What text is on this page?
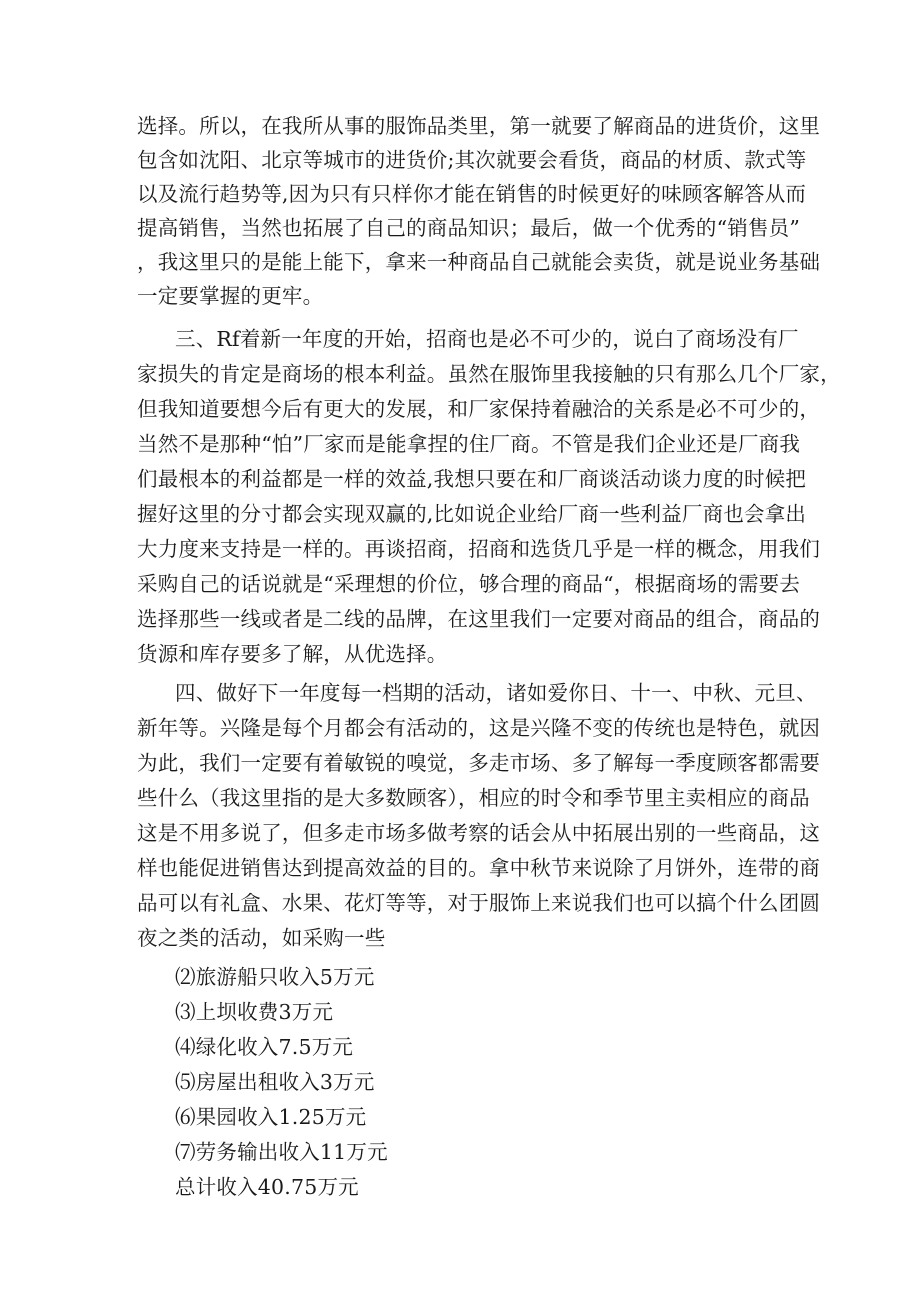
选择。所以，在我所从事的服饰品类里，第一就要了解商品的进货价，这里
包含如沈阳、北京等城市的进货价;其次就要会看货，商品的材质、款式等
以及流行趋势等,因为只有只样你才能在销售的时候更好的味顾客解答从而
提高销售，当然也拓展了自己的商品知识；最后，做一个优秀的“销售员”
，我这里只的是能上能下，拿来一种商品自己就能会卖货，就是说业务基础
一定要掌握的更牢。
三、Rf着新一年度的开始，招商也是必不可少的，说白了商场没有厂
家损失的肯定是商场的根本利益。虽然在服饰里我接触的只有那么几个厂家，
但我知道要想今后有更大的发展，和厂家保持着融洽的关系是必不可少的，
当然不是那种“怕”厂家而是能拿捏的住厂商。不管是我们企业还是厂商我
们最根本的利益都是一样的效益,我想只要在和厂商谈活动谈力度的时候把
握好这里的分寸都会实现双赢的,比如说企业给厂商一些利益厂商也会拿出
大力度来支持是一样的。再谈招商，招商和选货几乎是一样的概念，用我们
采购自己的话说就是“采理想的价位，够合理的商品“，根据商场的需要去
选择那些一线或者是二线的品牌，在这里我们一定要对商品的组合，商品的
货源和库存要多了解，从优选择。
四、做好下一年度每一档期的活动，诸如爱你日、十一、中秋、元旦、
新年等。兴隆是每个月都会有活动的，这是兴隆不变的传统也是特色，就因
为此，我们一定要有着敏锐的嗅觉，多走市场、多了解每一季度顾客都需要
些什么（我这里指的是大多数顾客），相应的时令和季节里主卖相应的商品
这是不用多说了，但多走市场多做考察的话会从中拓展出别的一些商品，这
样也能促进销售达到提高效益的目的。拿中秋节来说除了月饼外，连带的商
品可以有礼盒、水果、花灯等等，对于服饰上来说我们也可以搞个什么团圆
夜之类的活动，如采购一些
⑵旅游船只收入5万元
⑶上坝收费3万元
⑷绿化收入7.5万元
⑸房屋出租收入3万元
⑹果园收入1.25万元
⑺劳务输出收入11万元
总计收入40.75万元
